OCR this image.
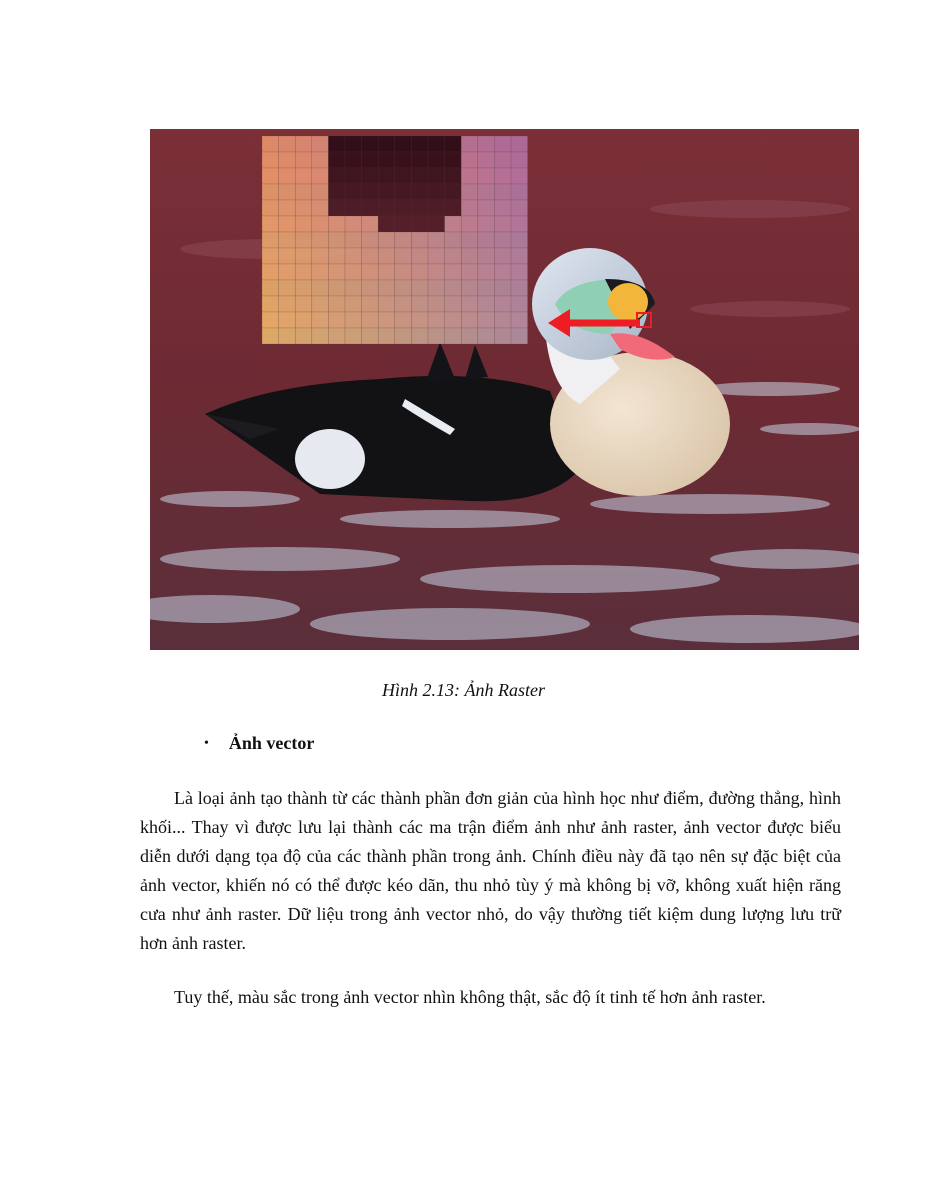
Hình 2.13: Ảnh Raster
• Ảnh vector

Là loại ảnh tạo thành từ các thành phần đơn giản của hình học như điểm, đường thẳng, hình khối... Thay vì được lưu lại thành các ma trận điểm ảnh như ảnh raster, ảnh vector được biểu diễn dưới dạng tọa độ của các thành phần trong ảnh. Chính điều này đã tạo nên sự đặc biệt của ảnh vector, khiến nó có thể được kéo dãn, thu nhỏ tùy ý mà không bị vỡ, không xuất hiện răng cưa như ảnh raster. Dữ liệu trong ảnh vector nhỏ, do vậy thường tiết kiệm dung lượng lưu trữ hơn ảnh raster.

Tuy thế, màu sắc trong ảnh vector nhìn không thật, sắc độ ít tinh tế hơn ảnh raster.
